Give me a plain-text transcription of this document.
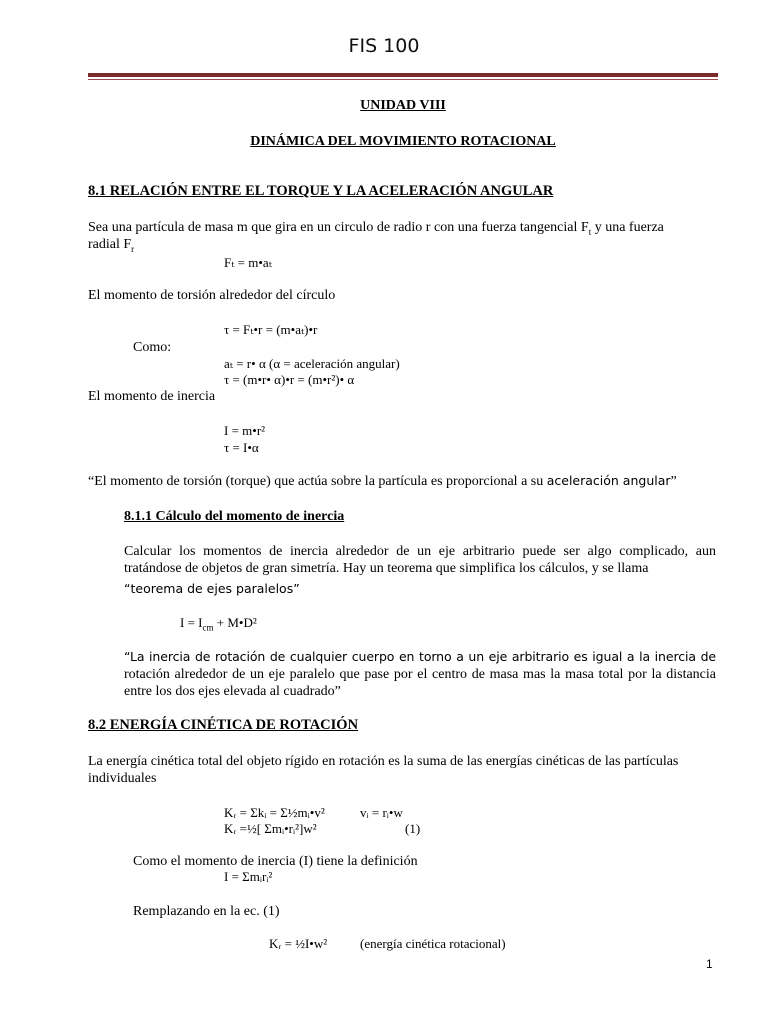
FIS 100
UNIDAD VIII
DINÁMICA DEL MOVIMIENTO ROTACIONAL
8.1 RELACIÓN ENTRE EL TORQUE Y LA ACELERACIÓN ANGULAR
Sea una partícula de masa m que gira en un circulo de radio r con una fuerza tangencial $F_t$ y una fuerza
radial $F_r$
Fₜ = m•aₜ
El momento de torsión alrededor del círculo
τ = Fₜ•r = (m•aₜ)•r
Como:
aₜ = r• α (α = aceleración angular)
τ = (m•r• α)•r = (m•r²)• α
El momento de inercia
I = m•r²
τ = I•α
“El momento de torsión (torque) que actúa sobre la partícula es proporcional a su aceleración angular”
8.1.1 Cálculo del momento de inercia
Calcular los momentos de inercia alrededor de un eje arbitrario puede ser algo complicado, aun tratándose de objetos de gran simetría. Hay un teorema que simplifica los cálculos, y se llama
“teorema de ejes paralelos”
$I = I_{cm}$ + M•D²
“La inercia de rotación de cualquier cuerpo en torno a un eje arbitrario es igual a la inercia de rotación alrededor de un eje paralelo que pase por el centro de masa mas la masa total por la distancia entre los dos ejes elevada al cuadrado”
8.2 ENERGÍA CINÉTICA DE ROTACIÓN
La energía cinética total del objeto rígido en rotación es la suma de las energías cinéticas de las partículas individuales
Kᵣ = Σkᵢ = Σ½mᵢ•v²	vᵢ = rᵢ•w
Kᵣ =½[ Σmᵢ•rᵢ²]w²	(1)
Como el momento de inercia (I) tiene la definición
I = Σmᵢrᵢ²
Remplazando en la ec. (1)
Kᵣ = ½I•w²	(energía cinética rotacional)
1
